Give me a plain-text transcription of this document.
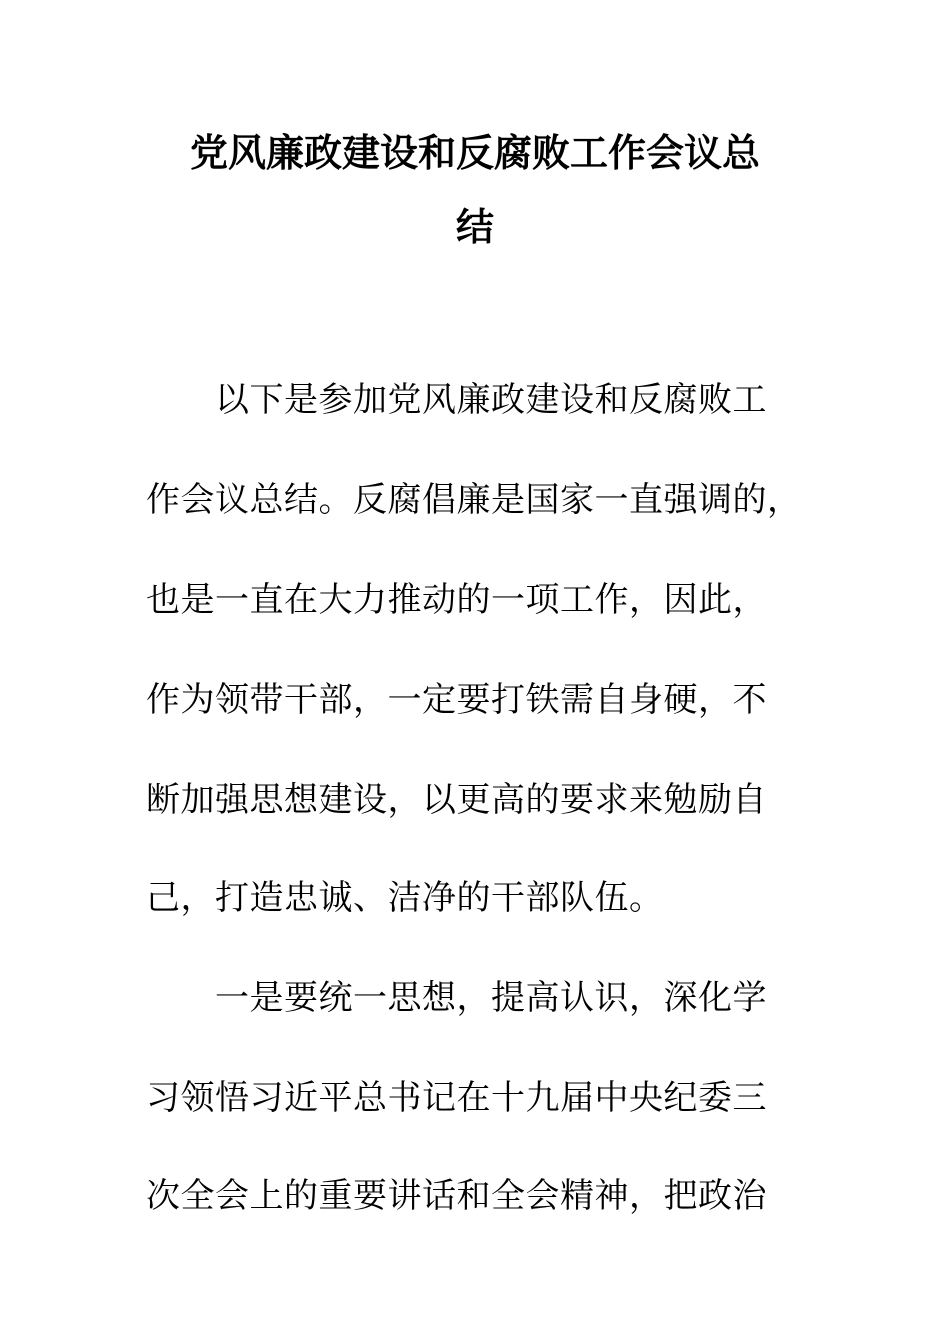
党风廉政建设和反腐败工作会议总
结
　　以下是参加党风廉政建设和反腐败工
作会议总结。反腐倡廉是国家一直强调的，
也是一直在大力推动的一项工作，因此，
作为领带干部，一定要打铁需自身硬，不
断加强思想建设，以更高的要求来勉励自
己，打造忠诚、洁净的干部队伍。
　　一是要统一思想，提高认识，深化学
习领悟习近平总书记在十九届中央纪委三
次全会上的重要讲话和全会精神，把政治
